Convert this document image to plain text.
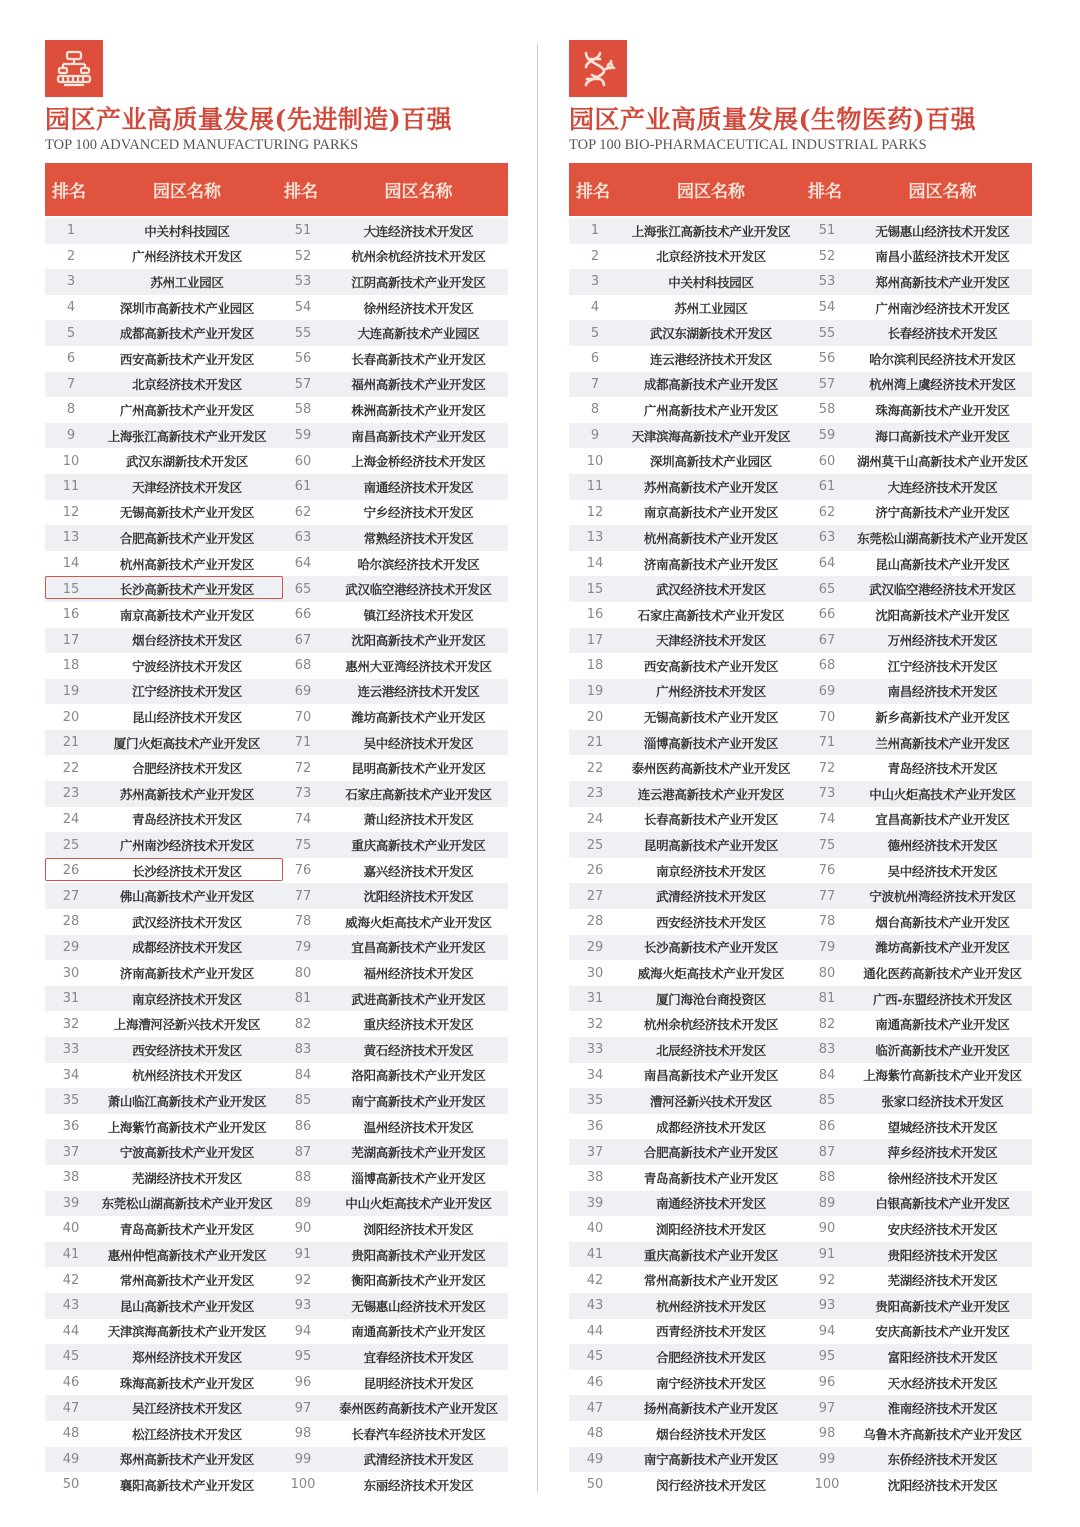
园区产业高质量发展(先进制造)百强
TOP 100 ADVANCED MANUFACTURING PARKS
排名	园区名称	排名	园区名称
1	中关村科技园区	51	大连经济技术开发区
2	广州经济技术开发区	52	杭州余杭经济技术开发区
3	苏州工业园区	53	江阴高新技术产业开发区
4	深圳市高新技术产业园区	54	徐州经济技术开发区
5	成都高新技术产业开发区	55	大连高新技术产业园区
6	西安高新技术产业开发区	56	长春高新技术产业开发区
7	北京经济技术开发区	57	福州高新技术产业开发区
8	广州高新技术产业开发区	58	株洲高新技术产业开发区
9	上海张江高新技术产业开发区	59	南昌高新技术产业开发区
10	武汉东湖新技术开发区	60	上海金桥经济技术开发区
11	天津经济技术开发区	61	南通经济技术开发区
12	无锡高新技术产业开发区	62	宁乡经济技术开发区
13	合肥高新技术产业开发区	63	常熟经济技术开发区
14	杭州高新技术产业开发区	64	哈尔滨经济技术开发区
15	长沙高新技术产业开发区	65	武汉临空港经济技术开发区
16	南京高新技术产业开发区	66	镇江经济技术开发区
17	烟台经济技术开发区	67	沈阳高新技术产业开发区
18	宁波经济技术开发区	68	惠州大亚湾经济技术开发区
19	江宁经济技术开发区	69	连云港经济技术开发区
20	昆山经济技术开发区	70	潍坊高新技术产业开发区
21	厦门火炬高技术产业开发区	71	吴中经济技术开发区
22	合肥经济技术开发区	72	昆明高新技术产业开发区
23	苏州高新技术产业开发区	73	石家庄高新技术产业开发区
24	青岛经济技术开发区	74	萧山经济技术开发区
25	广州南沙经济技术开发区	75	重庆高新技术产业开发区
26	长沙经济技术开发区	76	嘉兴经济技术开发区
27	佛山高新技术产业开发区	77	沈阳经济技术开发区
28	武汉经济技术开发区	78	威海火炬高技术产业开发区
29	成都经济技术开发区	79	宜昌高新技术产业开发区
30	济南高新技术产业开发区	80	福州经济技术开发区
31	南京经济技术开发区	81	武进高新技术产业开发区
32	上海漕河泾新兴技术开发区	82	重庆经济技术开发区
33	西安经济技术开发区	83	黄石经济技术开发区
34	杭州经济技术开发区	84	洛阳高新技术产业开发区
35	萧山临江高新技术产业开发区	85	南宁高新技术产业开发区
36	上海紫竹高新技术产业开发区	86	温州经济技术开发区
37	宁波高新技术产业开发区	87	芜湖高新技术产业开发区
38	芜湖经济技术开发区	88	淄博高新技术产业开发区
39	东莞松山湖高新技术产业开发区	89	中山火炬高技术产业开发区
40	青岛高新技术产业开发区	90	浏阳经济技术开发区
41	惠州仲恺高新技术产业开发区	91	贵阳高新技术产业开发区
42	常州高新技术产业开发区	92	衡阳高新技术产业开发区
43	昆山高新技术产业开发区	93	无锡惠山经济技术开发区
44	天津滨海高新技术产业开发区	94	南通高新技术产业开发区
45	郑州经济技术开发区	95	宜春经济技术开发区
46	珠海高新技术产业开发区	96	昆明经济技术开发区
47	吴江经济技术开发区	97	泰州医药高新技术产业开发区
48	松江经济技术开发区	98	长春汽车经济技术开发区
49	郑州高新技术产业开发区	99	武清经济技术开发区
50	襄阳高新技术产业开发区	100	东丽经济技术开发区
园区产业高质量发展(生物医药)百强
TOP 100 BIO-PHARMACEUTICAL INDUSTRIAL PARKS
排名	园区名称	排名	园区名称
1	上海张江高新技术产业开发区	51	无锡惠山经济技术开发区
2	北京经济技术开发区	52	南昌小蓝经济技术开发区
3	中关村科技园区	53	郑州高新技术产业开发区
4	苏州工业园区	54	广州南沙经济技术开发区
5	武汉东湖新技术开发区	55	长春经济技术开发区
6	连云港经济技术开发区	56	哈尔滨利民经济技术开发区
7	成都高新技术产业开发区	57	杭州湾上虞经济技术开发区
8	广州高新技术产业开发区	58	珠海高新技术产业开发区
9	天津滨海高新技术产业开发区	59	海口高新技术产业开发区
10	深圳高新技术产业园区	60	湖州莫干山高新技术产业开发区
11	苏州高新技术产业开发区	61	大连经济技术开发区
12	南京高新技术产业开发区	62	济宁高新技术产业开发区
13	杭州高新技术产业开发区	63	东莞松山湖高新技术产业开发区
14	济南高新技术产业开发区	64	昆山高新技术产业开发区
15	武汉经济技术开发区	65	武汉临空港经济技术开发区
16	石家庄高新技术产业开发区	66	沈阳高新技术产业开发区
17	天津经济技术开发区	67	万州经济技术开发区
18	西安高新技术产业开发区	68	江宁经济技术开发区
19	广州经济技术开发区	69	南昌经济技术开发区
20	无锡高新技术产业开发区	70	新乡高新技术产业开发区
21	淄博高新技术产业开发区	71	兰州高新技术产业开发区
22	泰州医药高新技术产业开发区	72	青岛经济技术开发区
23	连云港高新技术产业开发区	73	中山火炬高技术产业开发区
24	长春高新技术产业开发区	74	宜昌高新技术产业开发区
25	昆明高新技术产业开发区	75	德州经济技术开发区
26	南京经济技术开发区	76	吴中经济技术开发区
27	武清经济技术开发区	77	宁波杭州湾经济技术开发区
28	西安经济技术开发区	78	烟台高新技术产业开发区
29	长沙高新技术产业开发区	79	潍坊高新技术产业开发区
30	威海火炬高技术产业开发区	80	通化医药高新技术产业开发区
31	厦门海沧台商投资区	81	广西-东盟经济技术开发区
32	杭州余杭经济技术开发区	82	南通高新技术产业开发区
33	北辰经济技术开发区	83	临沂高新技术产业开发区
34	南昌高新技术产业开发区	84	上海紫竹高新技术产业开发区
35	漕河泾新兴技术开发区	85	张家口经济技术开发区
36	成都经济技术开发区	86	望城经济技术开发区
37	合肥高新技术产业开发区	87	萍乡经济技术开发区
38	青岛高新技术产业开发区	88	徐州经济技术开发区
39	南通经济技术开发区	89	白银高新技术产业开发区
40	浏阳经济技术开发区	90	安庆经济技术开发区
41	重庆高新技术产业开发区	91	贵阳经济技术开发区
42	常州高新技术产业开发区	92	芜湖经济技术开发区
43	杭州经济技术开发区	93	贵阳高新技术产业开发区
44	西青经济技术开发区	94	安庆高新技术产业开发区
45	合肥经济技术开发区	95	富阳经济技术开发区
46	南宁经济技术开发区	96	天水经济技术开发区
47	扬州高新技术产业开发区	97	淮南经济技术开发区
48	烟台经济技术开发区	98	乌鲁木齐高新技术产业开发区
49	南宁高新技术产业开发区	99	东侨经济技术开发区
50	闵行经济技术开发区	100	沈阳经济技术开发区
